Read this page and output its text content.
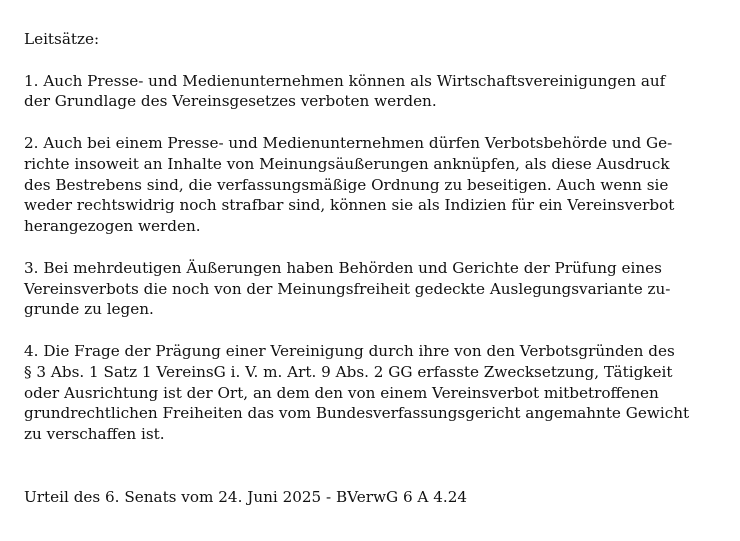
Leitsätze:

1. Auch Presse- und Medienunternehmen können als Wirtschaftsvereinigungen auf
der Grundlage des Vereinsgesetzes verboten werden.

2. Auch bei einem Presse- und Medienunternehmen dürfen Verbotsbehörde und Ge-
richte insoweit an Inhalte von Meinungsäußerungen anknüpfen, als diese Ausdruck
des Bestrebens sind, die verfassungsmäßige Ordnung zu beseitigen. Auch wenn sie
weder rechtswidrig noch strafbar sind, können sie als Indizien für ein Vereinsverbot
herangezogen werden.

3. Bei mehrdeutigen Äußerungen haben Behörden und Gerichte der Prüfung eines
Vereinsverbots die noch von der Meinungsfreiheit gedeckte Auslegungsvariante zu-
grunde zu legen.

4. Die Frage der Prägung einer Vereinigung durch ihre von den Verbotsgründen des
§ 3 Abs. 1 Satz 1 VereinsG i. V. m. Art. 9 Abs. 2 GG erfasste Zwecksetzung, Tätigkeit
oder Ausrichtung ist der Ort, an dem den von einem Vereinsverbot mitbetroffenen
grundrechtlichen Freiheiten das vom Bundesverfassungsgericht angemahnte Gewicht
zu verschaffen ist.

Urteil des 6. Senats vom 24. Juni 2025 - BVerwG 6 A 4.24
